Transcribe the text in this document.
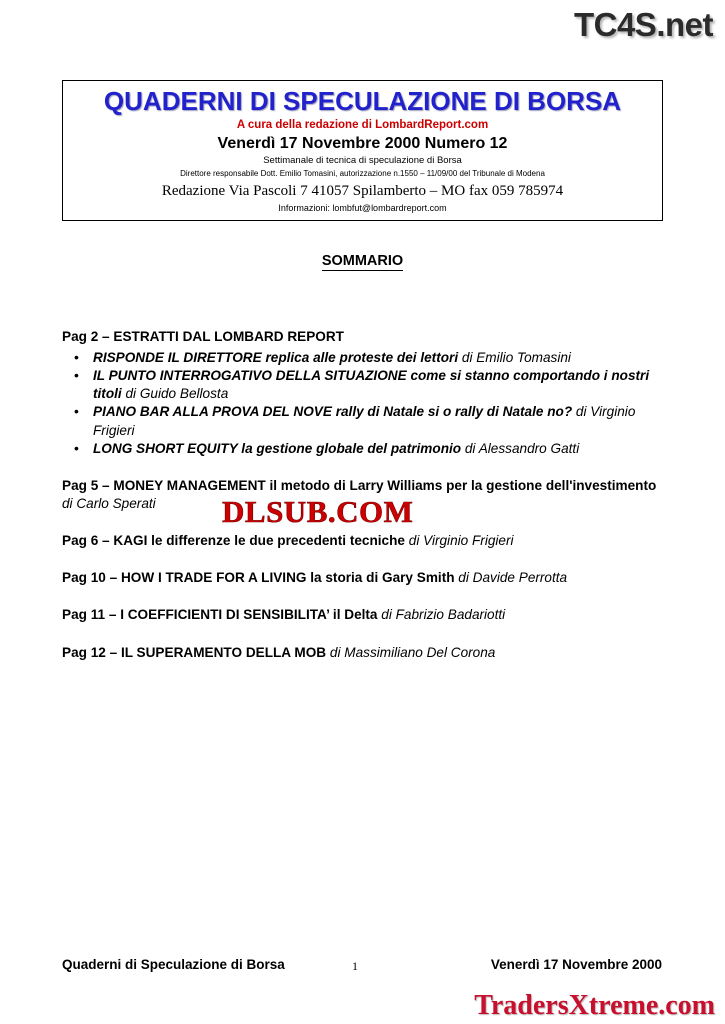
TC4S.net
QUADERNI DI SPECULAZIONE DI BORSA
A cura della redazione di LombardReport.com
Venerdì 17 Novembre 2000 Numero 12
Settimanale di tecnica di speculazione di Borsa
Direttore responsabile Dott. Emilio Tomasini, autorizzazione n.1550 – 11/09/00 del Tribunale di Modena
Redazione Via Pascoli 7 41057 Spilamberto – MO fax 059 785974
Informazioni: lombfut@lombardreport.com
SOMMARIO
Pag 2 – ESTRATTI DAL LOMBARD REPORT
• RISPONDE IL DIRETTORE replica alle proteste dei lettori di Emilio Tomasini
• IL PUNTO INTERROGATIVO DELLA SITUAZIONE come si stanno comportando i nostri titoli di Guido Bellosta
• PIANO BAR ALLA PROVA DEL NOVE rally di Natale si o rally di Natale no? di Virginio Frigieri
• LONG SHORT EQUITY la gestione globale del patrimonio di Alessandro Gatti
Pag 5 – MONEY MANAGEMENT il metodo di Larry Williams per la gestione dell'investimento di Carlo Sperati
Pag 6 – KAGI le differenze le due precedenti tecniche di Virginio Frigieri
Pag 10 – HOW I TRADE FOR A LIVING la storia di Gary Smith di Davide Perrotta
Pag 11 – I COEFFICIENTI DI SENSIBILITA’ il Delta di Fabrizio Badariotti
Pag 12 – IL SUPERAMENTO DELLA MOB di Massimiliano Del Corona
DLSUB.COM
Quaderni di Speculazione di Borsa	1	Venerdì 17 Novembre 2000
TradersXtreme.com
